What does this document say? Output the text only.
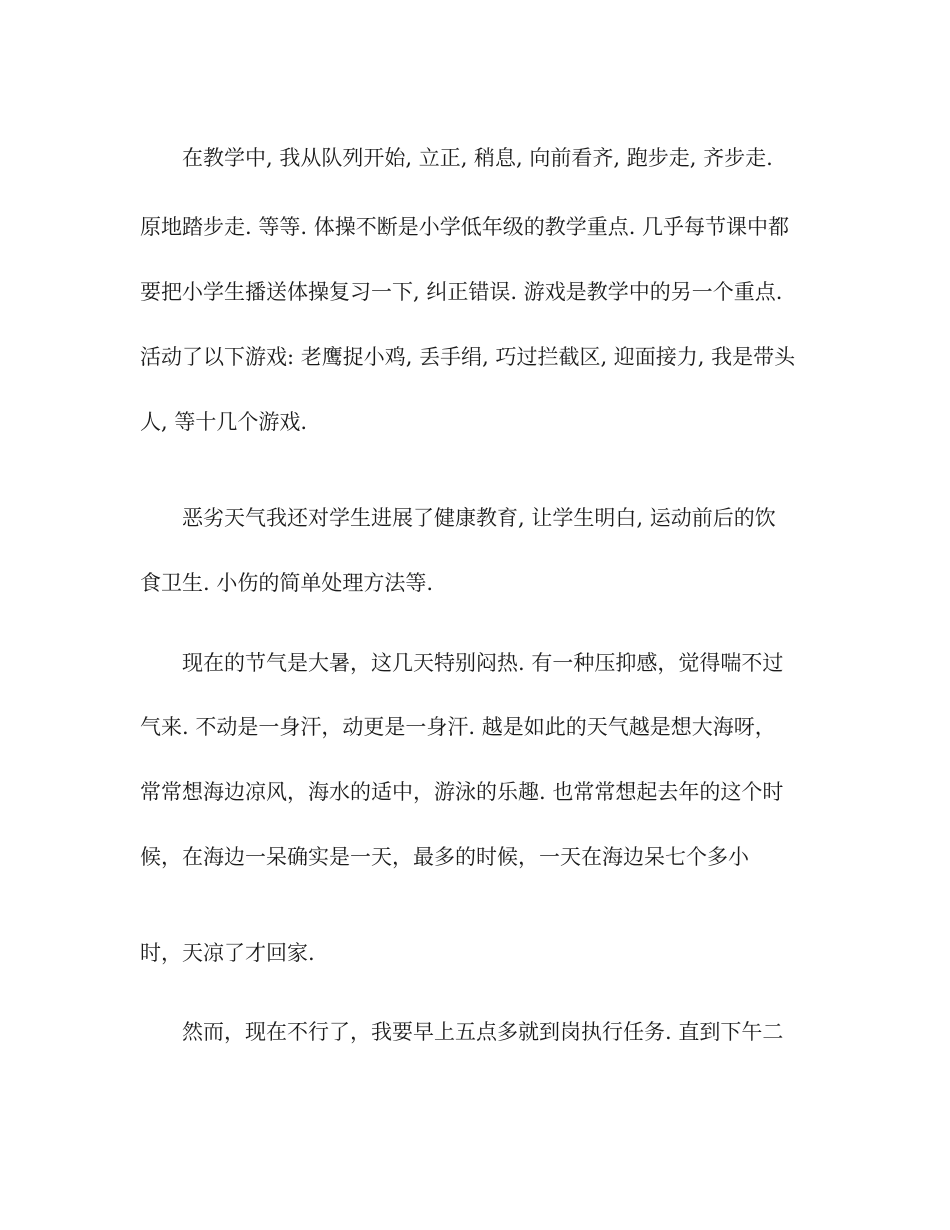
在教学中, 我从队列开始, 立正, 稍息, 向前看齐, 跑步走, 齐步走.
原地踏步走. 等等. 体操不断是小学低年级的教学重点. 几乎每节课中都
要把小学生播送体操复习一下, 纠正错误. 游戏是教学中的另一个重点.
活动了以下游戏: 老鹰捉小鸡, 丢手绢, 巧过拦截区, 迎面接力, 我是带头
人, 等十几个游戏.
恶劣天气我还对学生进展了健康教育, 让学生明白, 运动前后的饮
食卫生. 小伤的简单处理方法等.
现在的节气是大暑，这几天特别闷热. 有一种压抑感，觉得喘不过
气来. 不动是一身汗，动更是一身汗. 越是如此的天气越是想大海呀，
常常想海边凉风，海水的适中，游泳的乐趣. 也常常想起去年的这个时
候，在海边一呆确实是一天，最多的时候，一天在海边呆七个多小
时，天凉了才回家.
然而，现在不行了，我要早上五点多就到岗执行任务. 直到下午二
